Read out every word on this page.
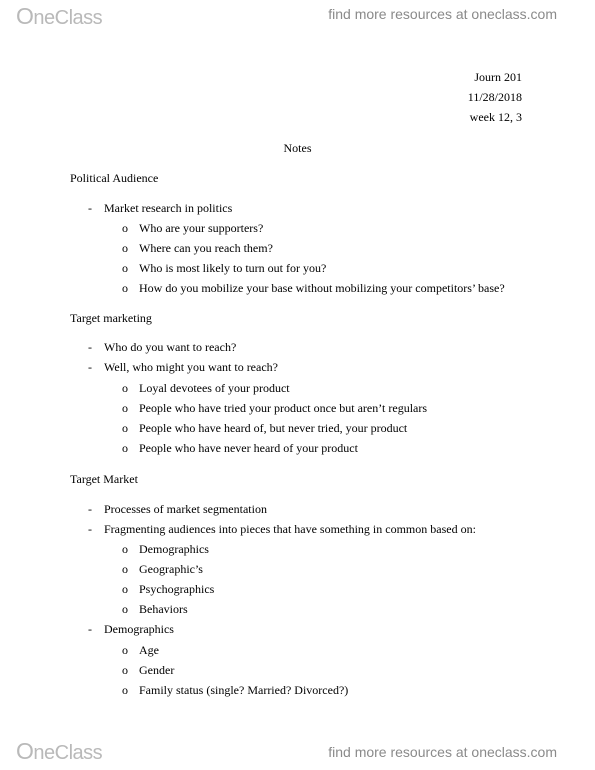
OneClass	find more resources at oneclass.com
Journ 201
11/28/2018
week 12, 3
Notes
Political Audience
- Market research in politics
o Who are your supporters?
o Where can you reach them?
o Who is most likely to turn out for you?
o How do you mobilize your base without mobilizing your competitors’ base?
Target marketing
- Who do you want to reach?
- Well, who might you want to reach?
o Loyal devotees of your product
o People who have tried your product once but aren’t regulars
o People who have heard of, but never tried, your product
o People who have never heard of your product
Target Market
- Processes of market segmentation
- Fragmenting audiences into pieces that have something in common based on:
o Demographics
o Geographic’s
o Psychographics
o Behaviors
- Demographics
o Age
o Gender
o Family status (single? Married? Divorced?)
OneClass	find more resources at oneclass.com
